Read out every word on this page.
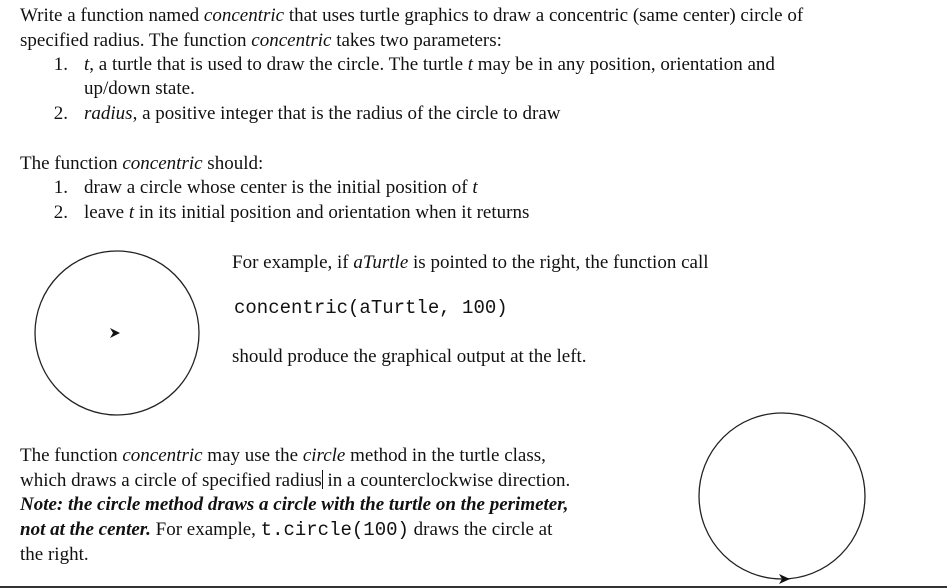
Write a function named concentric that uses turtle graphics to draw a concentric (same center) circle of
specified radius. The function concentric takes two parameters:
1. t, a turtle that is used to draw the circle. The turtle t may be in any position, orientation and
up/down state.
2. radius, a positive integer that is the radius of the circle to draw
The function concentric should:
1. draw a circle whose center is the initial position of t
2. leave t in its initial position and orientation when it returns
For example, if aTurtle is pointed to the right, the function call
concentric(aTurtle, 100)
should produce the graphical output at the left.
The function concentric may use the circle method in the turtle class,
which draws a circle of specified radius in a counterclockwise direction.
Note: the circle method draws a circle with the turtle on the perimeter,
not at the center. For example, t.circle(100) draws the circle at
the right.
